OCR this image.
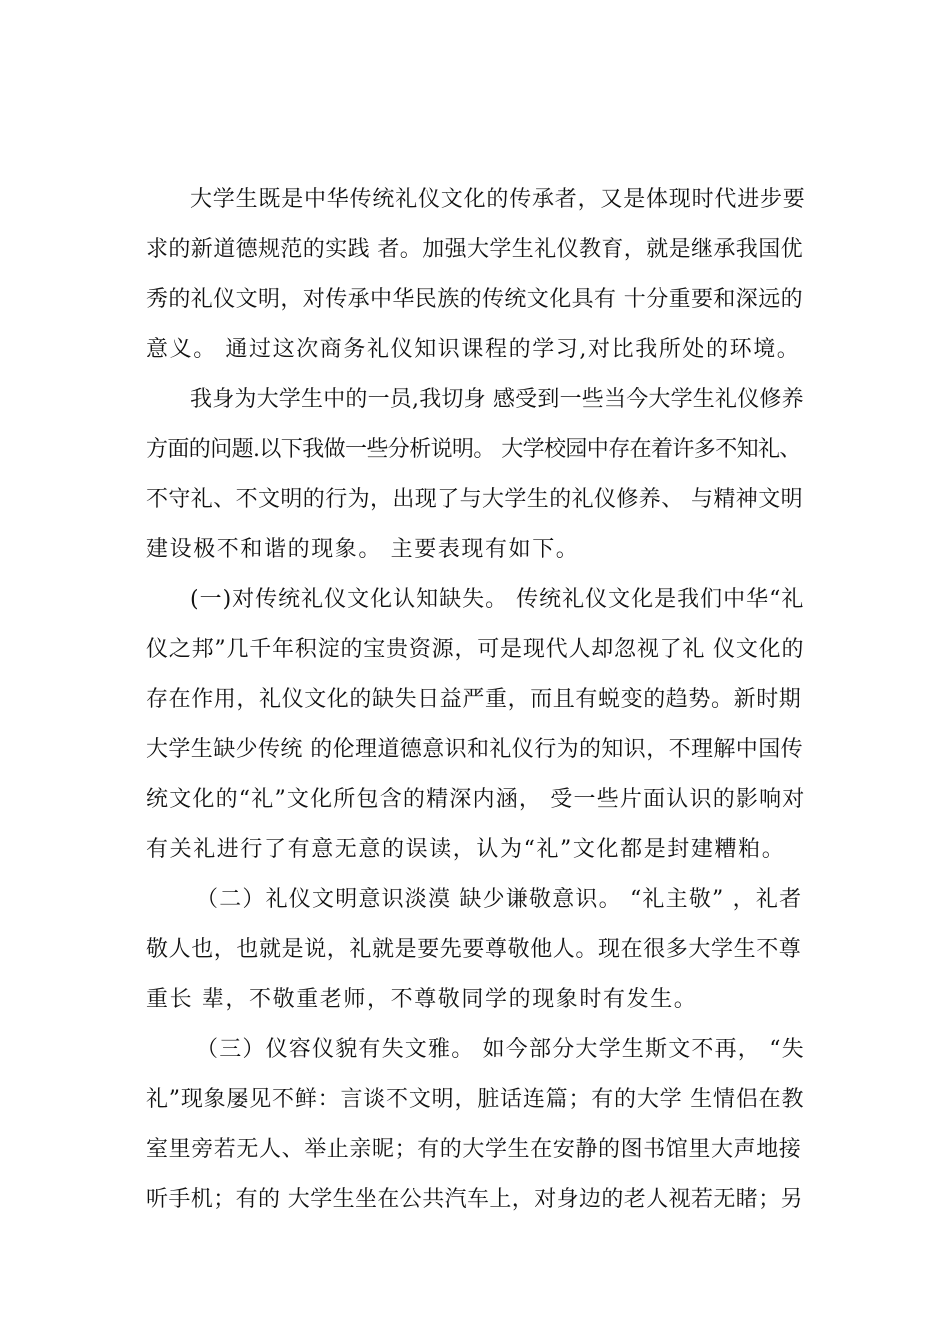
大学生既是中华传统礼仪文化的传承者，又是体现时代进步要
求的新道德规范的实践 者。加强大学生礼仪教育，就是继承我国优
秀的礼仪文明，对传承中华民族的传统文化具有 十分重要和深远的
意义。 通过这次商务礼仪知识课程的学习,对比我所处的环境。
我身为大学生中的一员,我切身 感受到一些当今大学生礼仪修养
方面的问题.以下我做一些分析说明。 大学校园中存在着许多不知礼、
不守礼、不文明的行为，出现了与大学生的礼仪修养、 与精神文明
建设极不和谐的现象。 主要表现有如下。
(一)对传统礼仪文化认知缺失。 传统礼仪文化是我们中华“礼
仪之邦”几千年积淀的宝贵资源，可是现代人却忽视了礼 仪文化的
存在作用，礼仪文化的缺失日益严重，而且有蜕变的趋势。新时期
大学生缺少传统 的伦理道德意识和礼仪行为的知识，不理解中国传
统文化的“礼”文化所包含的精深内涵， 受一些片面认识的影响对
有关礼进行了有意无意的误读，认为“礼”文化都是封建糟粕。
（二）礼仪文明意识淡漠 缺少谦敬意识。 “礼主敬” ，礼者
敬人也，也就是说，礼就是要先要尊敬他人。现在很多大学生不尊
重长 辈，不敬重老师，不尊敬同学的现象时有发生。
（三）仪容仪貌有失文雅。 如今部分大学生斯文不再， “失
礼”现象屡见不鲜：言谈不文明，脏话连篇；有的大学 生情侣在教
室里旁若无人、举止亲昵；有的大学生在安静的图书馆里大声地接
听手机；有的 大学生坐在公共汽车上，对身边的老人视若无睹；另
